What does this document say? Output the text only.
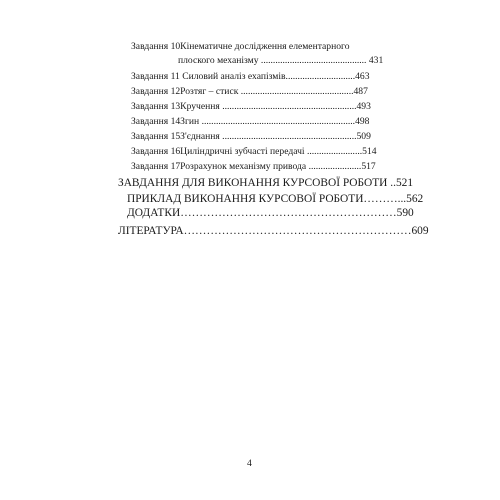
Завдання 10Кінематичне дослідження елементарного
плоского механізму ............................................ 431
Завдання 11 Силовий аналіз ехапізмів.............................463
Завдання 12Розтяг – стиск ...............................................487
Завдання 13Кручення ........................................................493
Завдання 14Згин ................................................................498
Завдання 15З'єднання ........................................................509
Завдання 16Циліндричні зубчасті передачі .......................514
Завдання 17Розрахунок механізму привода ......................517
ЗАВДАННЯ ДЛЯ ВИКОНАННЯ КУРСОВОЇ РОБОТИ ..521
ПРИКЛАД ВИКОНАННЯ КУРСОВОЇ РОБОТИ………...562
ДОДАТКИ…………………………………………………590
ЛІТЕРАТУРА……………………………………………………609
4
